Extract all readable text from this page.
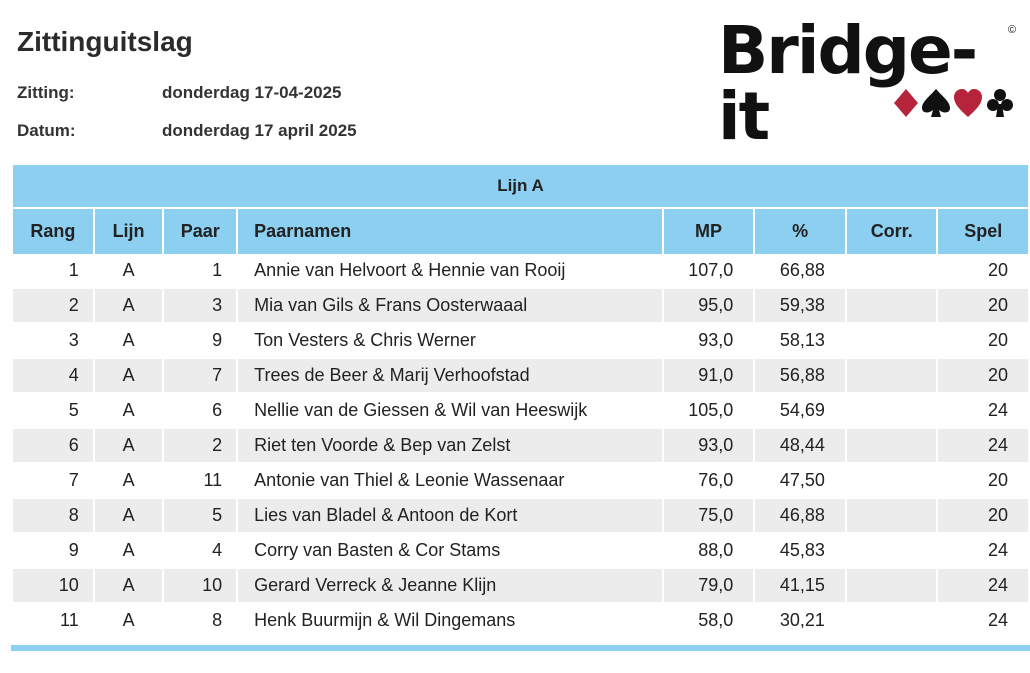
Zittinguitslag
Zitting:	donderdag 17-04-2025
Datum:	donderdag 17 april 2025
Bridge-it
©
Lijn A							
Rang	Lijn	Paar	Paarnamen	MP	%	Corr.	Spel
1	A	1	Annie van Helvoort & Hennie van Rooij	107,0	66,88		20
2	A	3	Mia van Gils & Frans Oosterwaaal	95,0	59,38		20
3	A	9	Ton Vesters & Chris Werner	93,0	58,13		20
4	A	7	Trees de Beer & Marij Verhoofstad	91,0	56,88		20
5	A	6	Nellie van de Giessen & Wil van Heeswijk	105,0	54,69		24
6	A	2	Riet ten Voorde & Bep van Zelst	93,0	48,44		24
7	A	11	Antonie van Thiel & Leonie Wassenaar	76,0	47,50		20
8	A	5	Lies van Bladel & Antoon de Kort	75,0	46,88		20
9	A	4	Corry van Basten & Cor Stams	88,0	45,83		24
10	A	10	Gerard Verreck & Jeanne Klijn	79,0	41,15		24
11	A	8	Henk Buurmijn & Wil Dingemans	58,0	30,21		24
